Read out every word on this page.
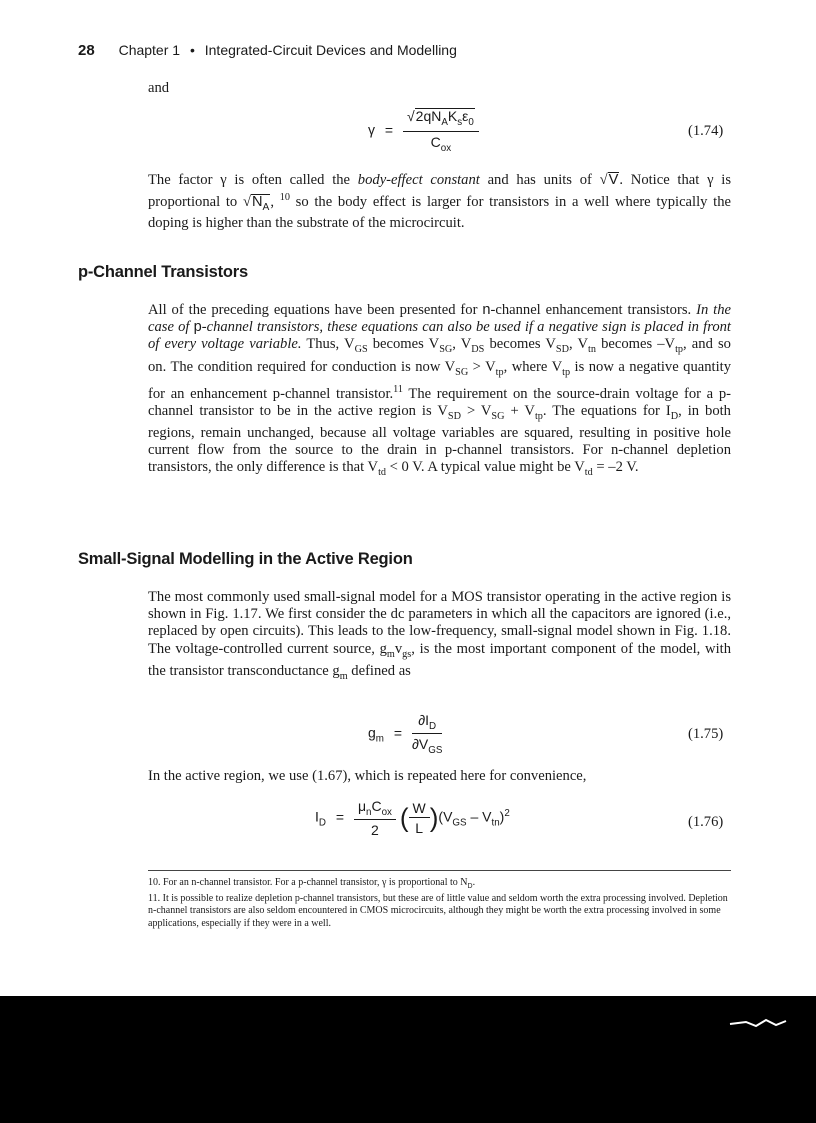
28 Chapter 1 • Integrated-Circuit Devices and Modelling
and
$\gamma = \frac{√2qN_AK_s\varepsilon_0}{C_{ox}}$	(1.74)
The factor γ is often called the body-effect constant and has units of √V. Notice that γ is proportional to $√N_A$, $^{10}$ so the body effect is larger for transistors in a well where typically the doping is higher than the substrate of the microcircuit.
p-Channel Transistors
All of the preceding equations have been presented for n-channel enhancement transistors. In the case of p-channel transistors, these equations can also be used if a negative sign is placed in front of every voltage variable. Thus, $V_{GS}$ becomes $V_{SG}$, $V_{DS}$ becomes $V_{SD}$, $V_{tn}$ becomes $-V_{tp}$, and so on. The condition required for conduction is now $V_{SG} > V_{tp}$, where $V_{tp}$ is now a negative quantity for an enhancement p-channel transistor.$^{11}$ The requirement on the source-drain voltage for a p-channel transistor to be in the active region is $V_{SD} > V_{SG} + V_{tp}$. The equations for $I_D$, in both regions, remain unchanged, because all voltage variables are squared, resulting in positive hole current flow from the source to the drain in p-channel transistors. For n-channel depletion transistors, the only difference is that $V_{td} < 0$ V. A typical value might be $V_{td} = -2$ V.
Small-Signal Modelling in the Active Region
The most commonly used small-signal model for a MOS transistor operating in the active region is shown in Fig. 1.17. We first consider the dc parameters in which all the capacitors are ignored (i.e., replaced by open circuits). This leads to the low-frequency, small-signal model shown in Fig. 1.18. The voltage-controlled current source, $g_mv_{gs}$, is the most important component of the model, with the transistor transconductance $g_m$ defined as
$g_m = \frac{\partial I_D}{\partial V_{GS}}$	(1.75)
In the active region, we use (1.67), which is repeated here for convenience,
$I_D = \frac{\mu_nC_{ox}}{2}$ ( $\frac{W}{L} )(V_{GS} - V_{tn})^2$
(1.76)

10. For an n-channel transistor. For a p-channel transistor, γ is proportional to $N_D$.

11. It is possible to realize depletion p-channel transistors, but these are of little value and seldom worth the extra processing involved. Depletion n-channel transistors are also seldom encountered in CMOS microcircuits, although they might be worth the extra processing involved in some applications, especially if they were in a well.
